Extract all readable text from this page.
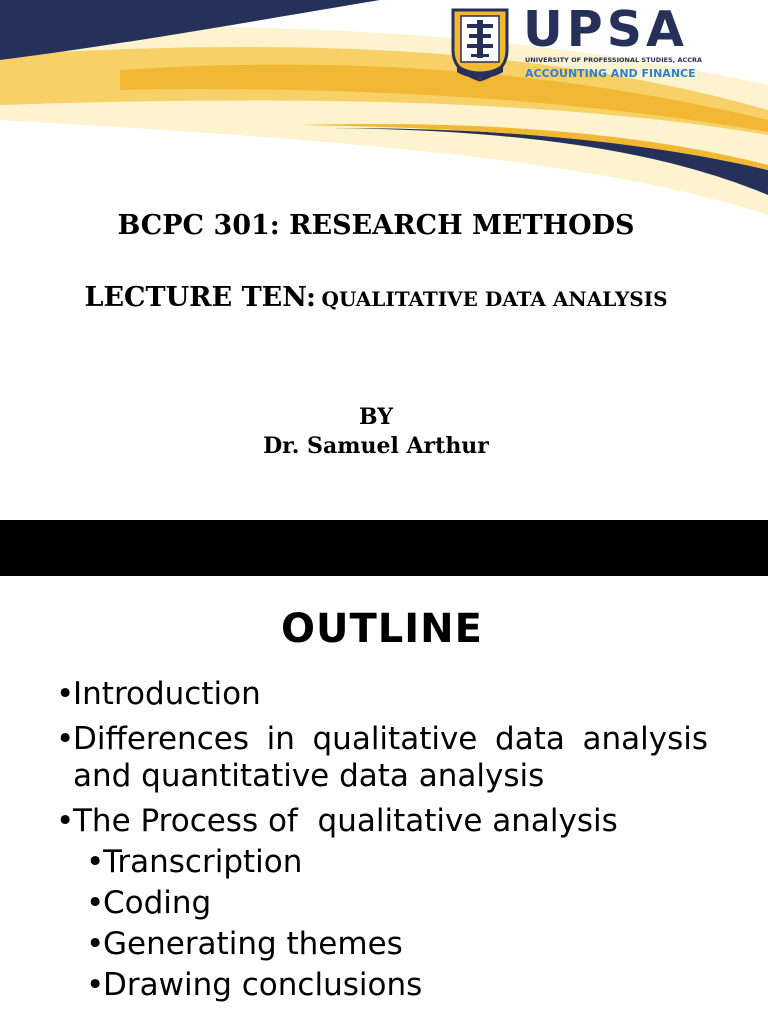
UPSA
UNIVERSITY OF PROFESSIONAL STUDIES, ACCRA
ACCOUNTING AND FINANCE
BCPC 301: RESEARCH METHODS
LECTURE TEN: QUALITATIVE DATA ANALYSIS
BY
Dr. Samuel Arthur
OUTLINE
•
Introduction
•
Differences in qualitative data analysis and quantitative data analysis
•
The Process of  qualitative analysis
•
Transcription
•
Coding
•
Generating themes
•
Drawing conclusions
